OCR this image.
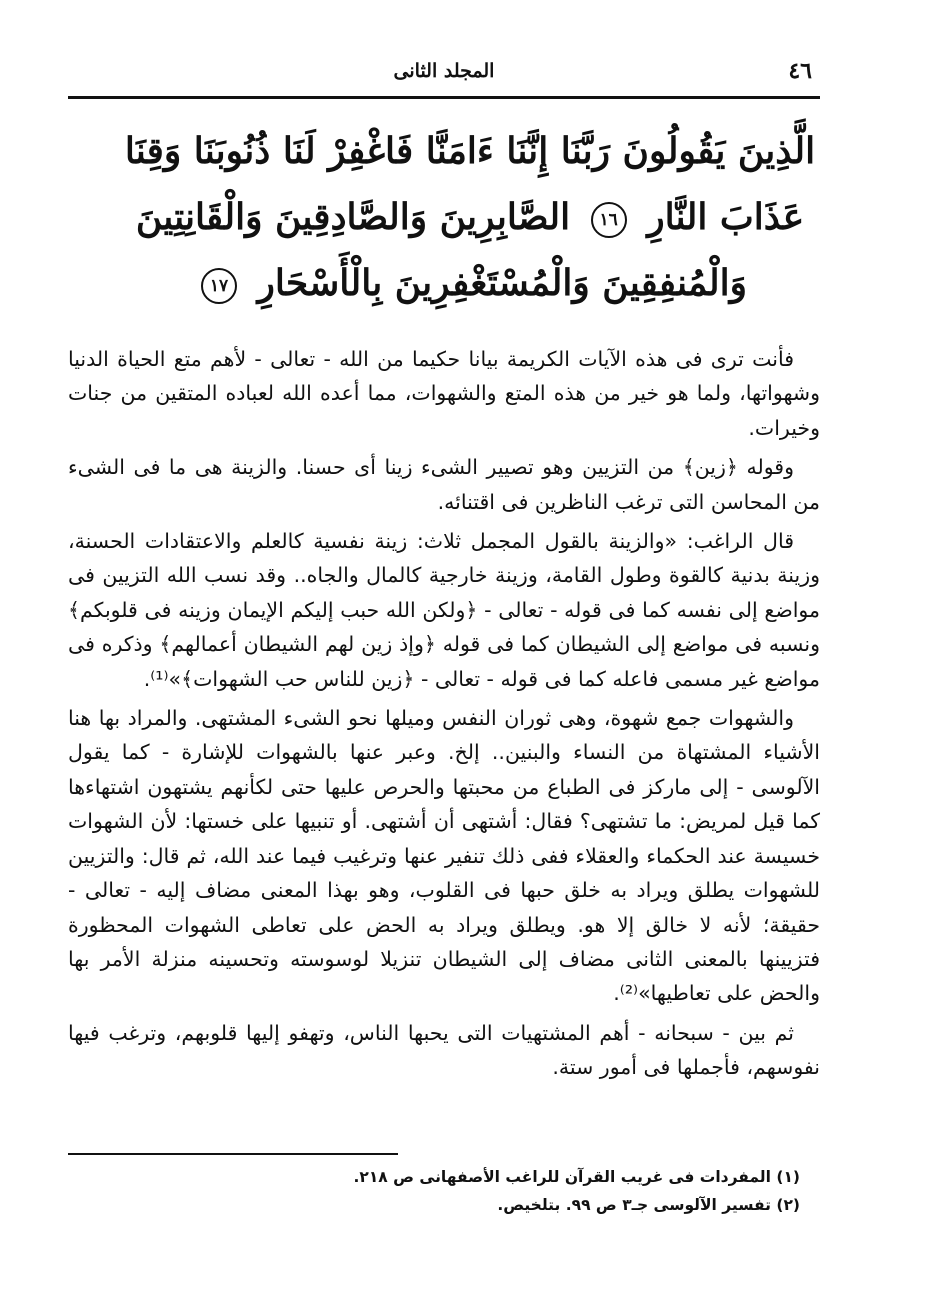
٤٦
المجلد الثانى
الَّذِينَ يَقُولُونَ رَبَّنَا إِنَّنَا ءَامَنَّا فَاغْفِرْ لَنَا ذُنُوبَنَا وَقِنَا
عَذَابَ النَّارِ ١٦ الصَّابِرِينَ وَالصَّادِقِينَ وَالْقَانِتِينَ
وَالْمُنفِقِينَ وَالْمُسْتَغْفِرِينَ بِالْأَسْحَارِ ١٧

فأنت ترى فى هذه الآيات الكريمة بيانا حكيما من الله - تعالى - لأهم متع الحياة الدنيا وشهواتها، ولما هو خير من هذه المتع والشهوات، مما أعده الله لعباده المتقين من جنات وخيرات.

وقوله ﴿زين﴾ من التزيين وهو تصيير الشىء زينا أى حسنا. والزينة هى ما فى الشىء من المحاسن التى ترغب الناظرين فى اقتنائه.

قال الراغب: «والزينة بالقول المجمل ثلاث: زينة نفسية كالعلم والاعتقادات الحسنة، وزينة بدنية كالقوة وطول القامة، وزينة خارجية كالمال والجاه.. وقد نسب الله التزيين فى مواضع إلى نفسه كما فى قوله - تعالى - ﴿ولكن الله حبب إليكم الإيمان وزينه فى قلوبكم﴾ ونسبه فى مواضع إلى الشيطان كما فى قوله ﴿وإذ زين لهم الشيطان أعمالهم﴾ وذكره فى مواضع غير مسمى فاعله كما فى قوله - تعالى - ﴿زين للناس حب الشهوات﴾»⁽¹⁾.

والشهوات جمع شهوة، وهى ثوران النفس وميلها نحو الشىء المشتهى. والمراد بها هنا الأشياء المشتهاة من النساء والبنين.. إلخ. وعبر عنها بالشهوات للإشارة - كما يقول الآلوسى - إلى ماركز فى الطباع من محبتها والحرص عليها حتى لكأنهم يشتهون اشتهاءها كما قيل لمريض: ما تشتهى؟ فقال: أشتهى أن أشتهى. أو تنبيها على خستها: لأن الشهوات خسيسة عند الحكماء والعقلاء ففى ذلك تنفير عنها وترغيب فيما عند الله، ثم قال: والتزيين للشهوات يطلق ويراد به خلق حبها فى القلوب، وهو بهذا المعنى مضاف إليه - تعالى - حقيقة؛ لأنه لا خالق إلا هو. ويطلق ويراد به الحض على تعاطى الشهوات المحظورة فتزيينها بالمعنى الثانى مضاف إلى الشيطان تنزيلا لوسوسته وتحسينه منزلة الأمر بها والحض على تعاطيها»⁽²⁾.

ثم بين - سبحانه - أهم المشتهيات التى يحبها الناس، وتهفو إليها قلوبهم، وترغب فيها نفوسهم، فأجملها فى أمور ستة.

(١) المفردات فى غريب القرآن للراغب الأصفهانى ص ٢١٨.
(٢) تفسير الآلوسى جـ٣ ص ٩٩. بتلخيص.
